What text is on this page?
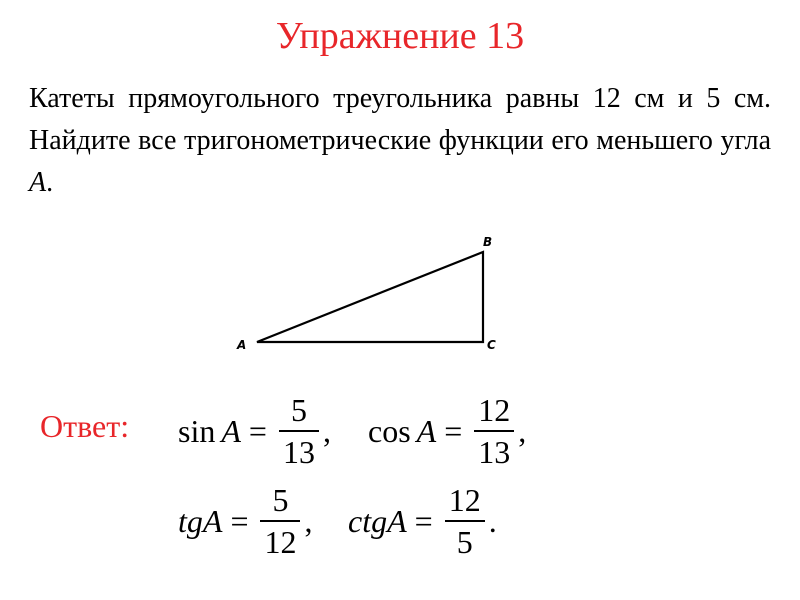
Упражнение 13
Катеты прямоугольного треугольника равны 12 см и 5 см. Найдите все тригонометрические функции его меньшего угла A.
A
B
C
Ответ: $\sin A = \frac{5}{13}$ , $\cos A = \frac{12}{13}$ ,
tgA = $\frac{5}{12}$ , ctgA = $\frac{12}{5}$ .
